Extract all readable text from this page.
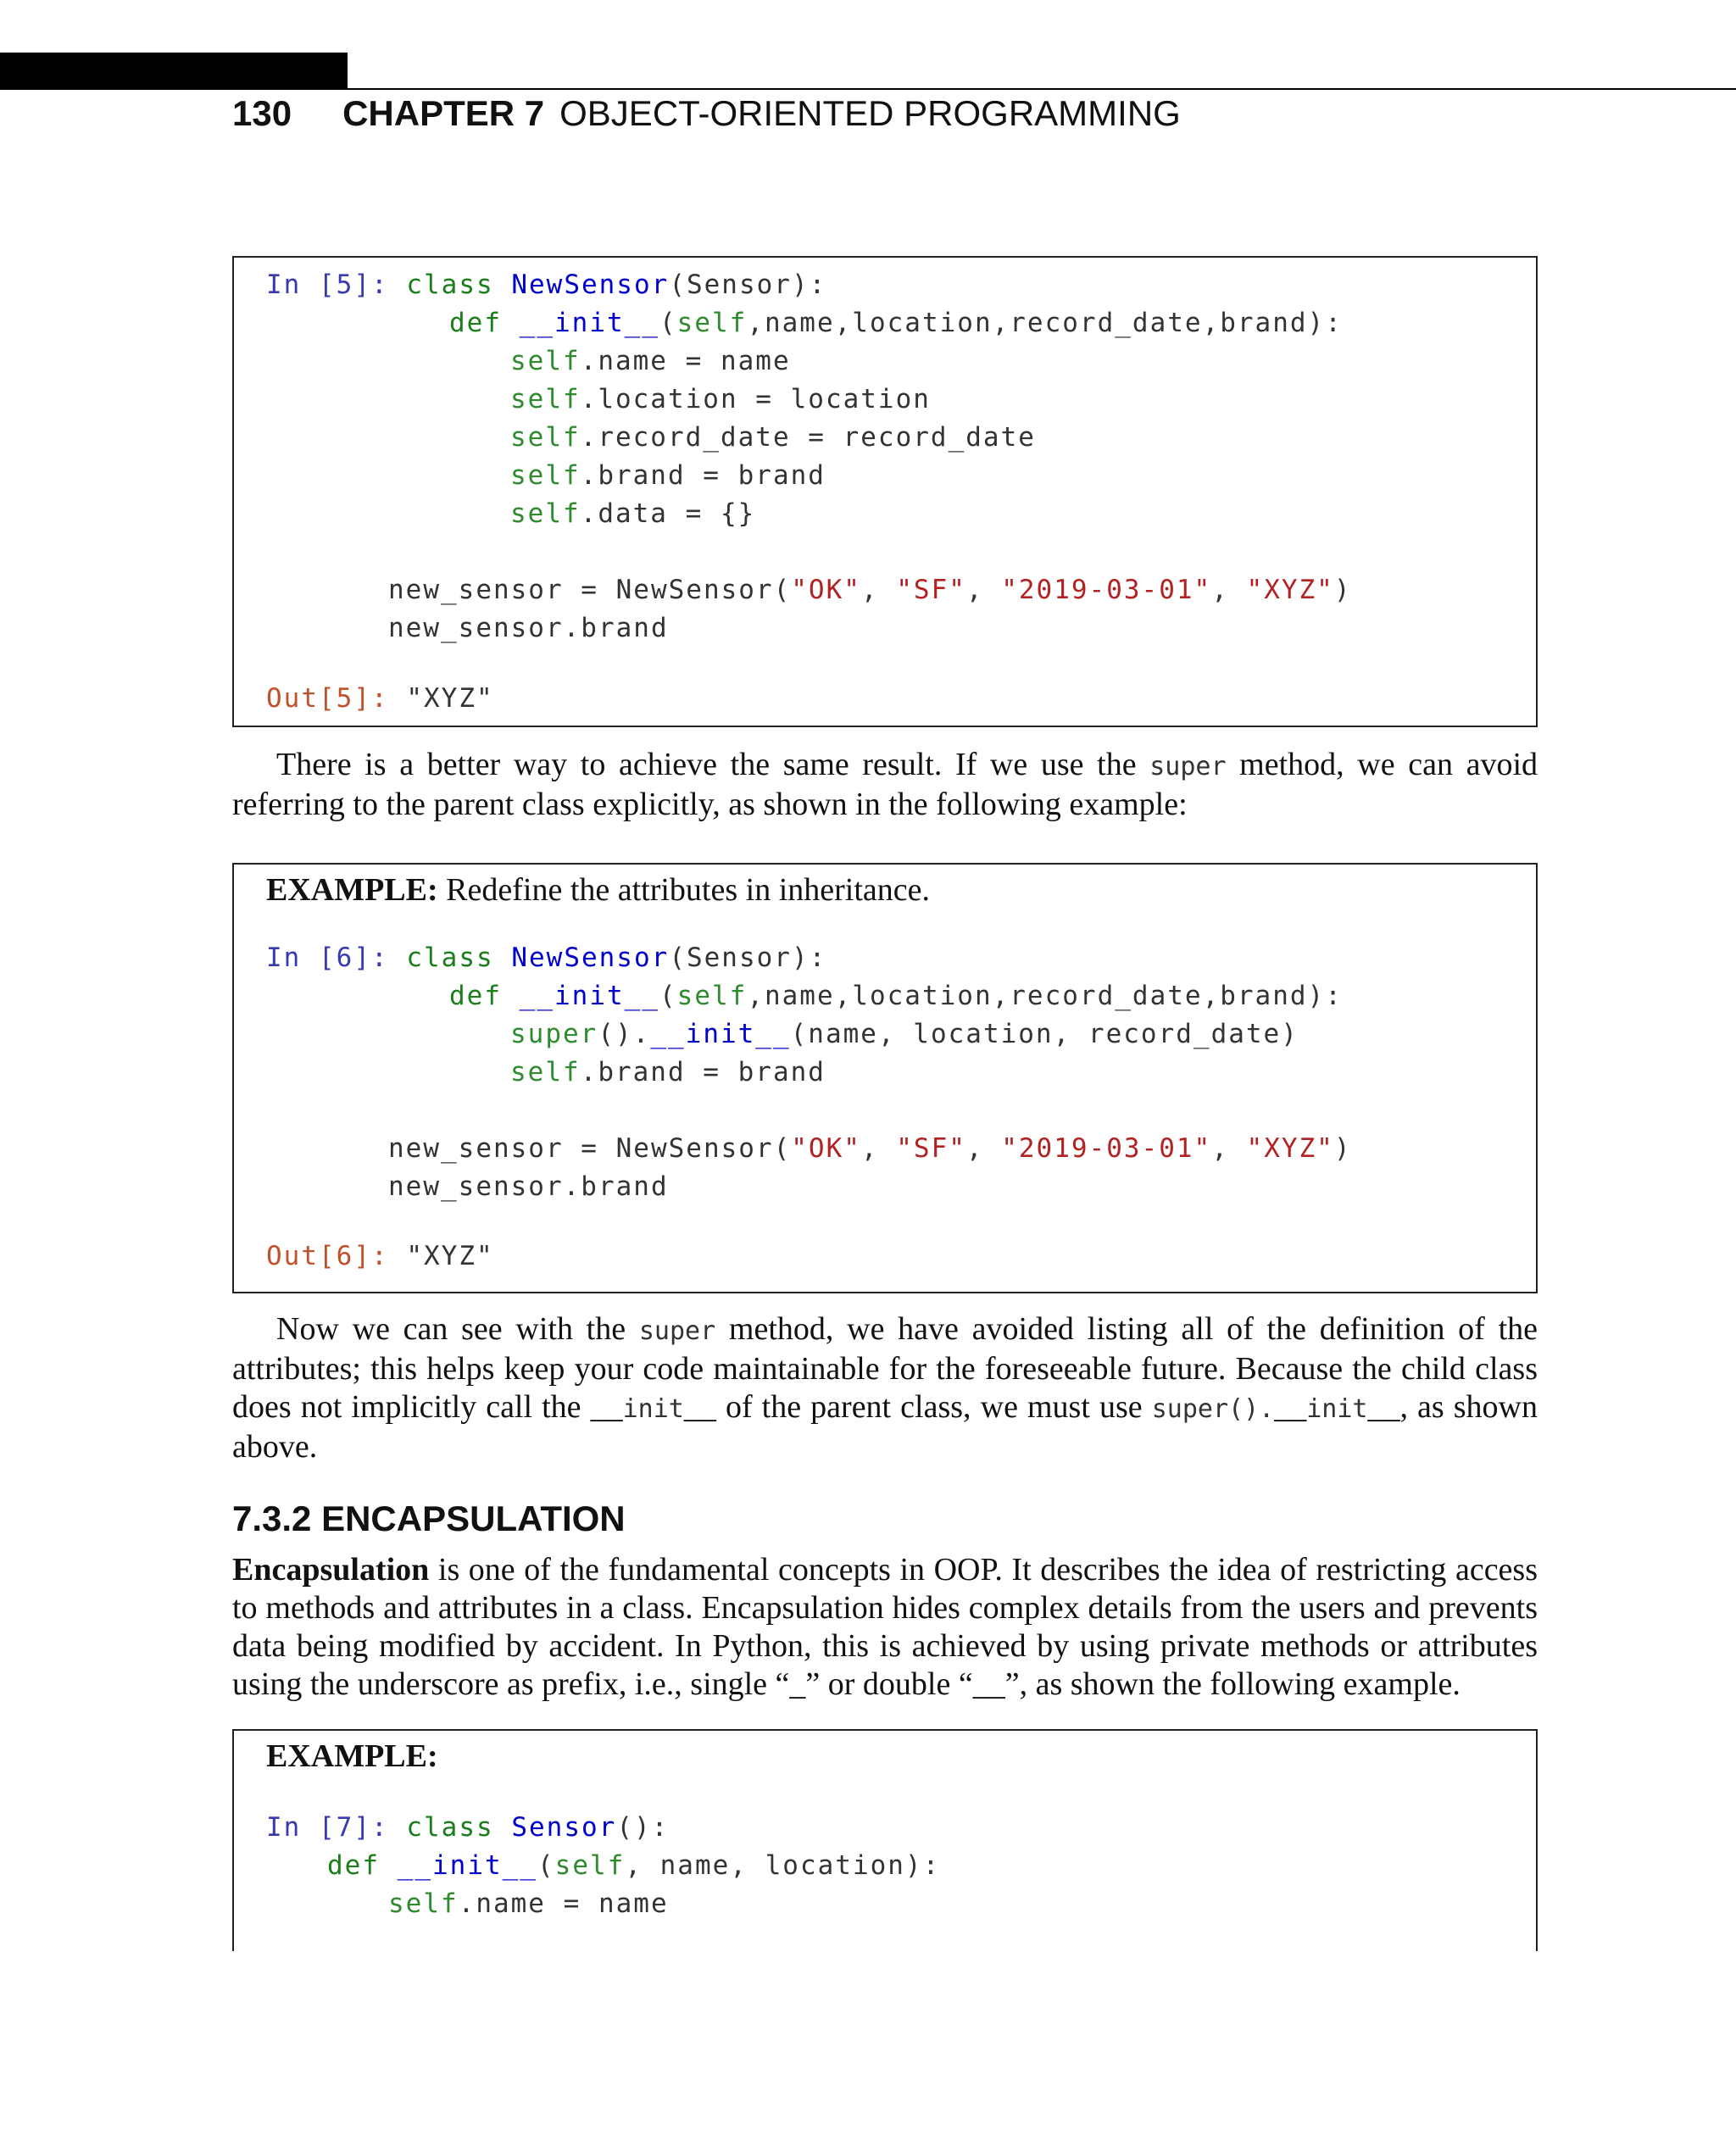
130 CHAPTER 7 OBJECT-ORIENTED PROGRAMMING
In [5]: class NewSensor(Sensor):
def __init__(self,name,location,record_date,brand):
self.name = name
self.location = location
self.record_date = record_date
self.brand = brand
self.data = {}
new_sensor = NewSensor("OK", "SF", "2019-03-01", "XYZ")
new_sensor.brand
Out[5]: "XYZ"

There is a better way to achieve the same result. If we use the super method, we can avoid referring to the parent class explicitly, as shown in the following example:

EXAMPLE: Redefine the attributes in inheritance.
In [6]: class NewSensor(Sensor):
def __init__(self,name,location,record_date,brand):
super().__init__(name, location, record_date)
self.brand = brand
new_sensor = NewSensor("OK", "SF", "2019-03-01", "XYZ")
new_sensor.brand
Out[6]: "XYZ"

Now we can see with the super method, we have avoided listing all of the definition of the attributes; this helps keep your code maintainable for the foreseeable future. Because the child class does not implicitly call the __init__ of the parent class, we must use super().__init__, as shown above.

7.3.2 ENCAPSULATION

Encapsulation is one of the fundamental concepts in OOP. It describes the idea of restricting access to methods and attributes in a class. Encapsulation hides complex details from the users and prevents data being modified by accident. In Python, this is achieved by using private methods or attributes using the underscore as prefix, i.e., single “_” or double “__”, as shown the following example.

EXAMPLE:
In [7]: class Sensor():
def __init__(self, name, location):
self.name = name
